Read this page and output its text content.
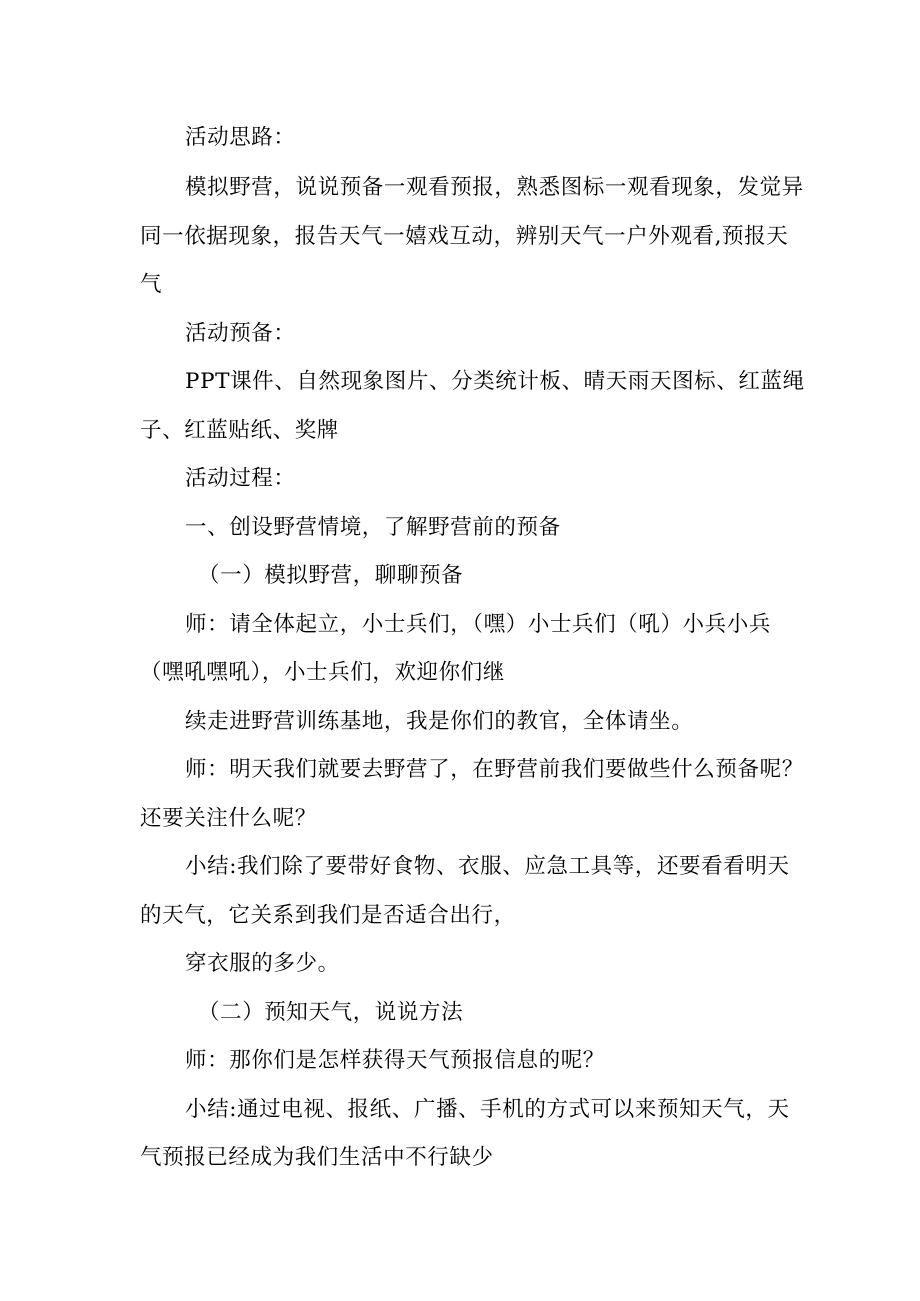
活动思路：
模拟野营，说说预备一观看预报，熟悉图标一观看现象，发觉异
同一依据现象，报告天气一嬉戏互动，辨别天气一户外观看,预报天
气
活动预备：
PPT课件、自然现象图片、分类统计板、晴天雨天图标、红蓝绳
子、红蓝贴纸、奖牌
活动过程：
一、创设野营情境，了解野营前的预备
（一）模拟野营，聊聊预备
师：请全体起立，小士兵们，（嘿）小士兵们（吼）小兵小兵
（嘿吼嘿吼），小士兵们，欢迎你们继
续走进野营训练基地，我是你们的教官，全体请坐。
师：明天我们就要去野营了，在野营前我们要做些什么预备呢？
还要关注什么呢？
小结:我们除了要带好食物、衣服、应急工具等，还要看看明天
的天气，它关系到我们是否适合出行，
穿衣服的多少。
（二）预知天气，说说方法
师：那你们是怎样获得天气预报信息的呢？
小结:通过电视、报纸、广播、手机的方式可以来预知天气，天
气预报已经成为我们生活中不行缺少
